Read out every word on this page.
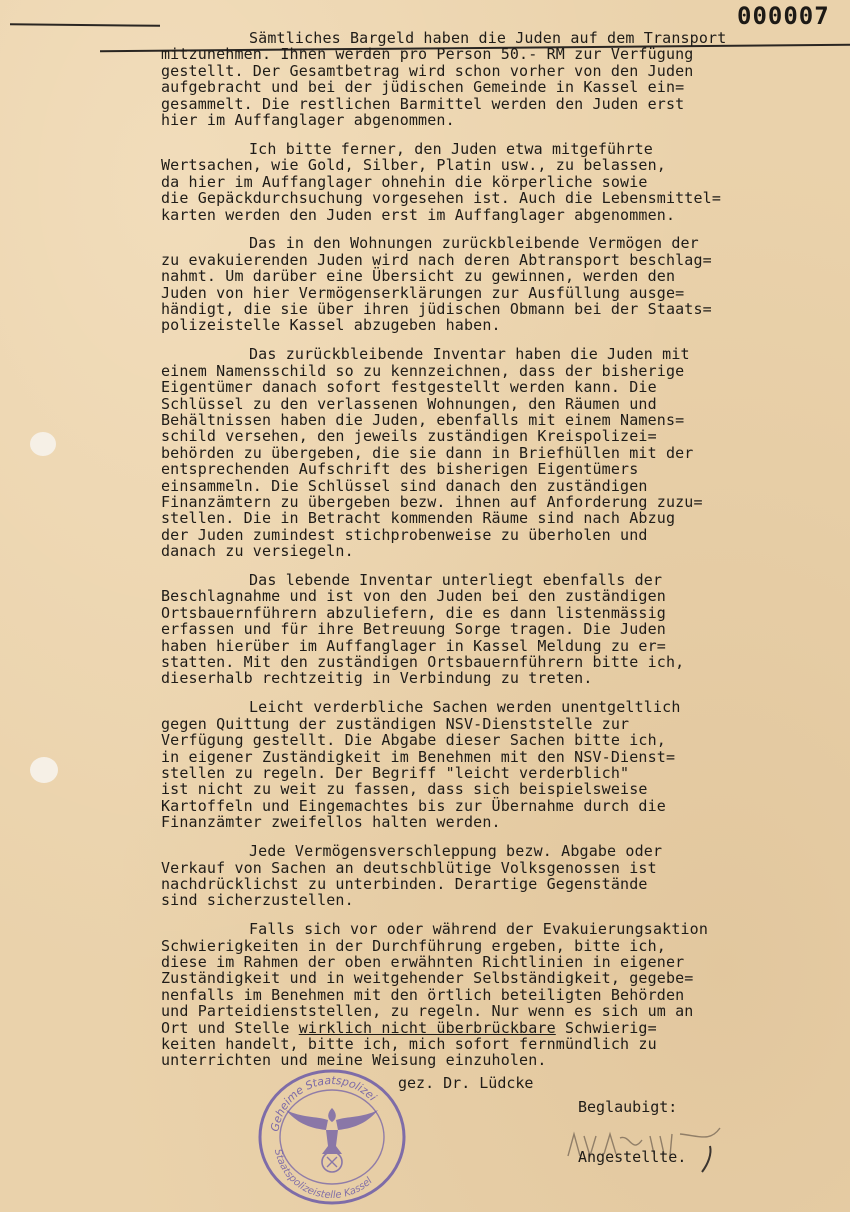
000007
Sämtliches Bargeld haben die Juden auf dem Transport
mitzunehmen. Ihnen werden pro Person 50.- RM zur Verfügung
gestellt. Der Gesamtbetrag wird schon vorher von den Juden
aufgebracht und bei der jüdischen Gemeinde in Kassel ein=
gesammelt. Die restlichen Barmittel werden den Juden erst
hier im Auffanglager abgenommen.
Ich bitte ferner, den Juden etwa mitgeführte
Wertsachen, wie Gold, Silber, Platin usw., zu belassen,
da hier im Auffanglager ohnehin die körperliche sowie
die Gepäckdurchsuchung vorgesehen ist. Auch die Lebensmittel=
karten werden den Juden erst im Auffanglager abgenommen.
Das in den Wohnungen zurückbleibende Vermögen der
zu evakuierenden Juden wird nach deren Abtransport beschlag=
nahmt. Um darüber eine Übersicht zu gewinnen, werden den
Juden von hier Vermögenserklärungen zur Ausfüllung ausge=
händigt, die sie über ihren jüdischen Obmann bei der Staats=
polizeistelle Kassel abzugeben haben.
Das zurückbleibende Inventar haben die Juden mit
einem Namensschild so zu kennzeichnen, dass der bisherige
Eigentümer danach sofort festgestellt werden kann. Die
Schlüssel zu den verlassenen Wohnungen, den Räumen und
Behältnissen haben die Juden, ebenfalls mit einem Namens=
schild versehen, den jeweils zuständigen Kreispolizei=
behörden zu übergeben, die sie dann in Briefhüllen mit der
entsprechenden Aufschrift des bisherigen Eigentümers
einsammeln. Die Schlüssel sind danach den zuständigen
Finanzämtern zu übergeben bezw. ihnen auf Anforderung zuzu=
stellen. Die in Betracht kommenden Räume sind nach Abzug
der Juden zumindest stichprobenweise zu überholen und
danach zu versiegeln.
Das lebende Inventar unterliegt ebenfalls der
Beschlagnahme und ist von den Juden bei den zuständigen
Ortsbauernführern abzuliefern, die es dann listenmässig
erfassen und für ihre Betreuung Sorge tragen. Die Juden
haben hierüber im Auffanglager in Kassel Meldung zu er=
statten. Mit den zuständigen Ortsbauernführern bitte ich,
dieserhalb rechtzeitig in Verbindung zu treten.
Leicht verderbliche Sachen werden unentgeltlich
gegen Quittung der zuständigen NSV-Dienststelle zur
Verfügung gestellt. Die Abgabe dieser Sachen bitte ich,
in eigener Zuständigkeit im Benehmen mit den NSV-Dienst=
stellen zu regeln. Der Begriff "leicht verderblich"
ist nicht zu weit zu fassen, dass sich beispielsweise
Kartoffeln und Eingemachtes bis zur Übernahme durch die
Finanzämter zweifellos halten werden.
Jede Vermögensverschleppung bezw. Abgabe oder
Verkauf von Sachen an deutschblütige Volksgenossen ist
nachdrücklichst zu unterbinden. Derartige Gegenstände
sind sicherzustellen.
Falls sich vor oder während der Evakuierungsaktion
Schwierigkeiten in der Durchführung ergeben, bitte ich,
diese im Rahmen der oben erwähnten Richtlinien in eigener
Zuständigkeit und in weitgehender Selbständigkeit, gegebe=
nenfalls im Benehmen mit den örtlich beteiligten Behörden
und Parteidienststellen, zu regeln. Nur wenn es sich um an
Ort und Stelle wirklich nicht überbrückbare Schwierig=
keiten handelt, bitte ich, mich sofort fernmündlich zu
unterrichten und meine Weisung einzuholen.
gez. Dr. Lüdcke
Beglaubigt:
Angestellte.
Geheime Staatspolizei
Staatspolizeistelle Kassel
